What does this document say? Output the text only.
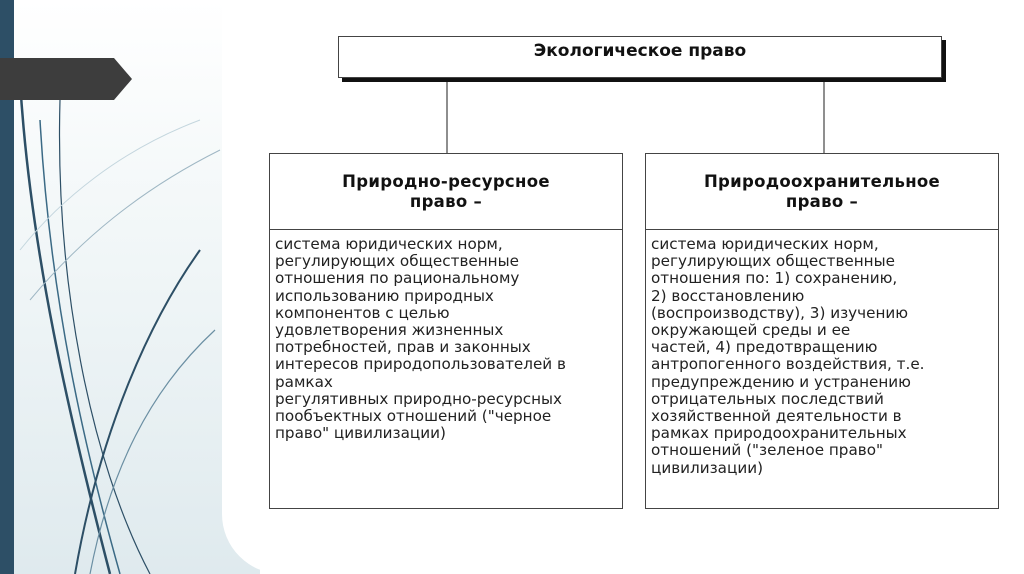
Экологическое право
Природно-ресурсное
право –
система юридических норм,
регулирующих общественные
отношения по рациональному
использованию природных
компонентов с целью
удовлетворения жизненных
потребностей, прав и законных
интересов природопользователей в
рамках
регулятивных природно-ресурсных
пообъектных отношений ("черное
право" цивилизации)
Природоохранительное
право –
система юридических норм,
регулирующих общественные
отношения по: 1) сохранению,
2) восстановлению
(воспроизводству), 3) изучению
окружающей среды и ее
частей, 4) предотвращению
антропогенного воздействия, т.е.
предупреждению и устранению
отрицательных последствий
хозяйственной деятельности в
рамках природоохранительных
отношений ("зеленое право"
цивилизации)
